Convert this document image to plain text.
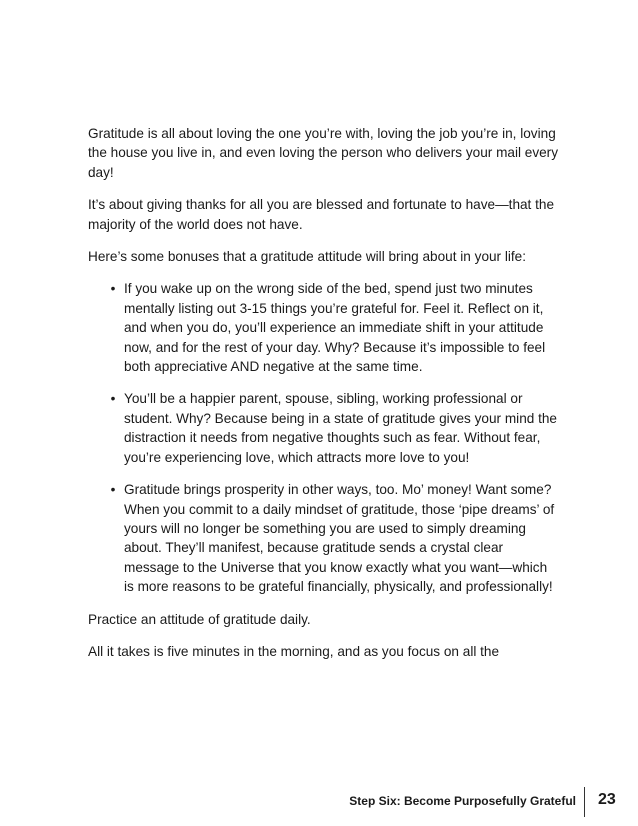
Gratitude is all about loving the one you’re with, loving the job you’re in, loving the house you live in, and even loving the person who delivers your mail every day!

It’s about giving thanks for all you are blessed and fortunate to have—that the majority of the world does not have.

Here’s some bonuses that a gratitude attitude will bring about in your life:

• If you wake up on the wrong side of the bed, spend just two minutes mentally listing out 3-15 things you’re grateful for. Feel it. Reflect on it, and when you do, you’ll experience an immediate shift in your attitude now, and for the rest of your day. Why? Because it’s impossible to feel both appreciative AND negative at the same time.
• You’ll be a happier parent, spouse, sibling, working professional or student. Why? Because being in a state of gratitude gives your mind the distraction it needs from negative thoughts such as fear. Without fear, you’re experiencing love, which attracts more love to you!
• Gratitude brings prosperity in other ways, too. Mo’ money! Want some? When you commit to a daily mindset of gratitude, those ‘pipe dreams’ of yours will no longer be something you are used to simply dreaming about. They’ll manifest, because gratitude sends a crystal clear message to the Universe that you know exactly what you want—which is more reasons to be grateful financially, physically, and professionally!

Practice an attitude of gratitude daily.

All it takes is five minutes in the morning, and as you focus on all the

Step Six: Become Purposefully Grateful 23
